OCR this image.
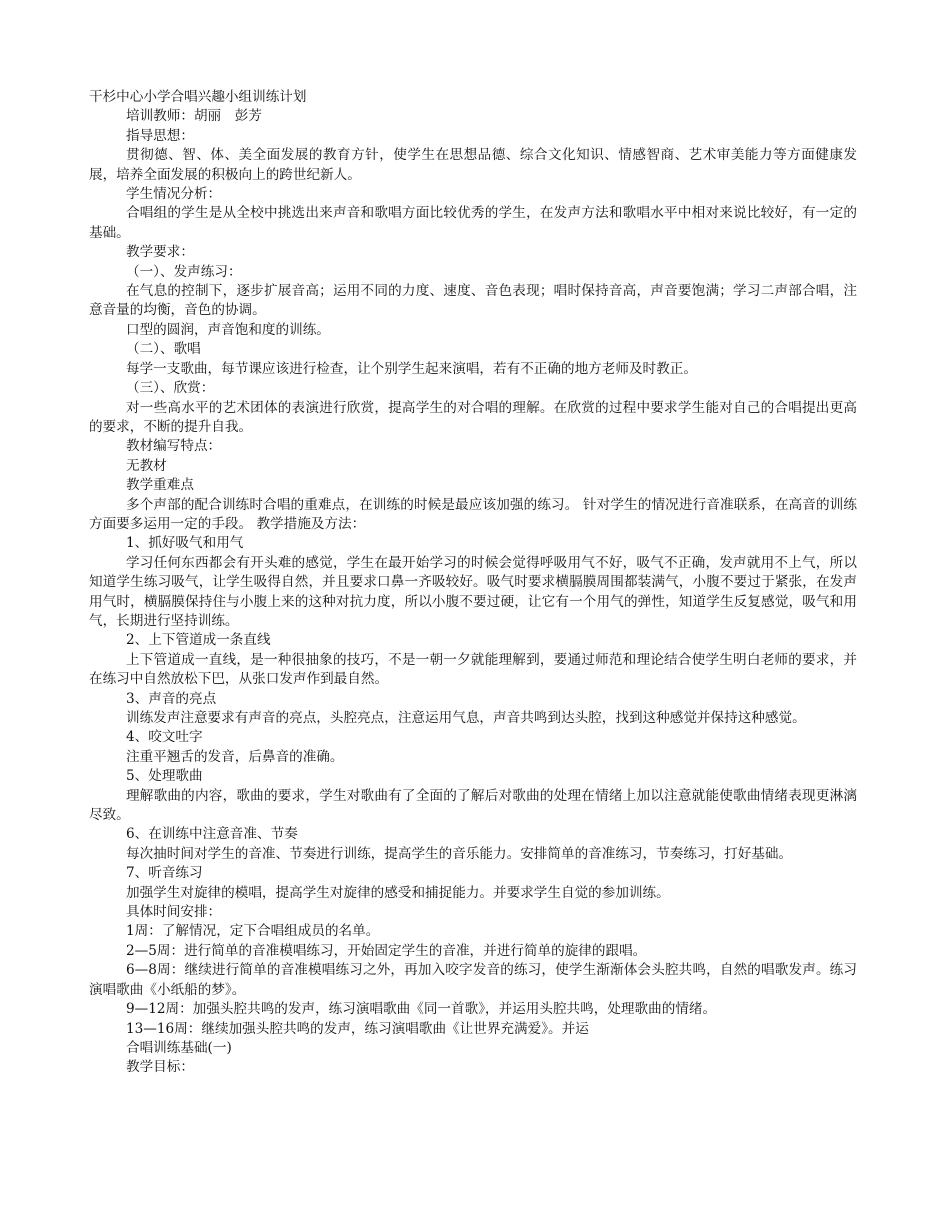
干杉中心小学合唱兴趣小组训练计划

培训教师：胡丽　彭芳

指导思想：

贯彻德、智、体、美全面发展的教育方针，使学生在思想品德、综合文化知识、情感智商、艺术审美能力等方面健康发展，培养全面发展的积极向上的跨世纪新人。

学生情况分析：

合唱组的学生是从全校中挑选出来声音和歌唱方面比较优秀的学生，在发声方法和歌唱水平中相对来说比较好，有一定的基础。

教学要求：

（一）、发声练习：

在气息的控制下，逐步扩展音高；运用不同的力度、速度、音色表现；唱时保持音高，声音要饱满；学习二声部合唱，注意音量的均衡，音色的协调。

口型的圆润，声音饱和度的训练。

（二）、歌唱

每学一支歌曲，每节课应该进行检查，让个别学生起来演唱，若有不正确的地方老师及时教正。

（三）、欣赏：

对一些高水平的艺术团体的表演进行欣赏，提高学生的对合唱的理解。在欣赏的过程中要求学生能对自己的合唱提出更高的要求，不断的提升自我。

教材编写特点：

无教材

教学重难点

多个声部的配合训练时合唱的重难点，在训练的时候是最应该加强的练习。 针对学生的情况进行音准联系，在高音的训练方面要多运用一定的手段。 教学措施及方法：

1、抓好吸气和用气

学习任何东西都会有开头难的感觉，学生在最开始学习的时候会觉得呼吸用气不好，吸气不正确，发声就用不上气，所以知道学生练习吸气，让学生吸得自然，并且要求口鼻一齐吸较好。吸气时要求横膈膜周围都装满气，小腹不要过于紧张，在发声用气时，横膈膜保持住与小腹上来的这种对抗力度，所以小腹不要过硬，让它有一个用气的弹性，知道学生反复感觉，吸气和用气，长期进行坚持训练。

2、上下管道成一条直线

上下管道成一直线，是一种很抽象的技巧，不是一朝一夕就能理解到，要通过师范和理论结合使学生明白老师的要求，并在练习中自然放松下巴，从张口发声作到最自然。

3、声音的亮点

训练发声注意要求有声音的亮点，头腔亮点，注意运用气息，声音共鸣到达头腔，找到这种感觉并保持这种感觉。

4、咬文吐字

注重平翘舌的发音，后鼻音的准确。

5、处理歌曲

理解歌曲的内容，歌曲的要求，学生对歌曲有了全面的了解后对歌曲的处理在情绪上加以注意就能使歌曲情绪表现更淋漓尽致。

6、在训练中注意音准、节奏

每次抽时间对学生的音准、节奏进行训练，提高学生的音乐能力。安排简单的音准练习，节奏练习，打好基础。

7、听音练习

加强学生对旋律的模唱，提高学生对旋律的感受和捕捉能力。并要求学生自觉的参加训练。

具体时间安排：

1周：了解情况，定下合唱组成员的名单。

2—5周：进行简单的音准模唱练习，开始固定学生的音准，并进行简单的旋律的跟唱。

6—8周：继续进行简单的音准模唱练习之外，再加入咬字发音的练习，使学生渐渐体会头腔共鸣，自然的唱歌发声。练习演唱歌曲《小纸船的梦》。

9—12周：加强头腔共鸣的发声，练习演唱歌曲《同一首歌》，并运用头腔共鸣，处理歌曲的情绪。

13—16周：继续加强头腔共鸣的发声，练习演唱歌曲《让世界充满爱》。并运

合唱训练基础(一)

教学目标：
